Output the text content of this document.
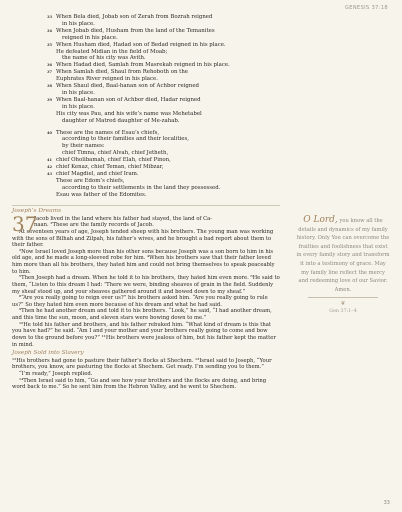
GENESIS 37:18
33 When Bela died, Jobab son of Zerah from Bozrah reigned
in his place.
34 When Jobab died, Husham from the land of the Temanites
reigned in his place.
35 When Husham died, Hadad son of Bedad reigned in his place.
He defeated Midian in the field of Moab;
the name of his city was Avith.
36 When Hadad died, Samlah from Masrekah reigned in his place.
37 When Samlah died, Shaul from Rehoboth on the
Euphrates River reigned in his place.
38 When Shaul died, Baal-hanan son of Achbor reigned
in his place.
39 When Baal-hanan son of Achbor died, Hadar reigned
in his place.
His city was Pau, and his wife’s name was Mehetabel
daughter of Matred daughter of Me-zahab.
40 These are the names of Esau’s chiefs,
according to their families and their localities,
by their names:
chief Timna, chief Alvah, chief Jetheth,
41 chief Oholibamah, chief Elah, chief Pinon,
42 chief Kenaz, chief Teman, chief Mibzar,
43 chief Magdiel, and chief Iram.
These are Edom’s chiefs,
according to their settlements in the land they possessed.
Esau was father of the Edomites.
Joseph’s Dreams
37
Jacob lived in the land where his father had stayed, the land of Ca-
naan. ²These are the family records of Jacob.
At seventeen years of age, Joseph tended sheep with his brothers. The young man was working with the sons of Bilhah and Zilpah, his father’s wives, and he brought a bad report about them to their father.
³Now Israel loved Joseph more than his other sons because Joseph was a son born to him in his old age, and he made a long-sleeved robe for him. ⁴When his brothers saw that their father loved him more than all his brothers, they hated him and could not bring themselves to speak peaceably to him.
⁵Then Joseph had a dream. When he told it to his brothers, they hated him even more. ⁶He said to them, “Listen to this dream I had: ⁷There we were, binding sheaves of grain in the field. Suddenly my sheaf stood up, and your sheaves gathered around it and bowed down to my sheaf.”
⁸“Are you really going to reign over us?” his brothers asked him. “Are you really going to rule us?” So they hated him even more because of his dream and what he had said.
⁹Then he had another dream and told it to his brothers. “Look,” he said, “I had another dream, and this time the sun, moon, and eleven stars were bowing down to me.”
¹⁰He told his father and brothers, and his father rebuked him. “What kind of dream is this that you have had?” he said. “Am I and your mother and your brothers really going to come and bow down to the ground before you?” ¹¹His brothers were jealous of him, but his father kept the matter in mind.
Joseph Sold into Slavery
¹²His brothers had gone to pasture their father’s flocks at Shechem. ¹³Israel said to Joseph, “Your brothers, you know, are pasturing the flocks at Shechem. Get ready. I’m sending you to them.”
“I’m ready,” Joseph replied.
¹⁴Then Israel said to him, “Go and see how your brothers and the flocks are doing, and bring word back to me.” So he sent him from the Hebron Valley, and he went to Shechem.
O Lord, you know all the
details and dynamics of my family
history. Only You can overcome the
frailties and foolishness that exist
in every family story and transform
it into a testimony of grace. May
my family line reflect the mercy
and redeeming love of our Savior.
Amen.
❦
Gen 37:1–4
33
